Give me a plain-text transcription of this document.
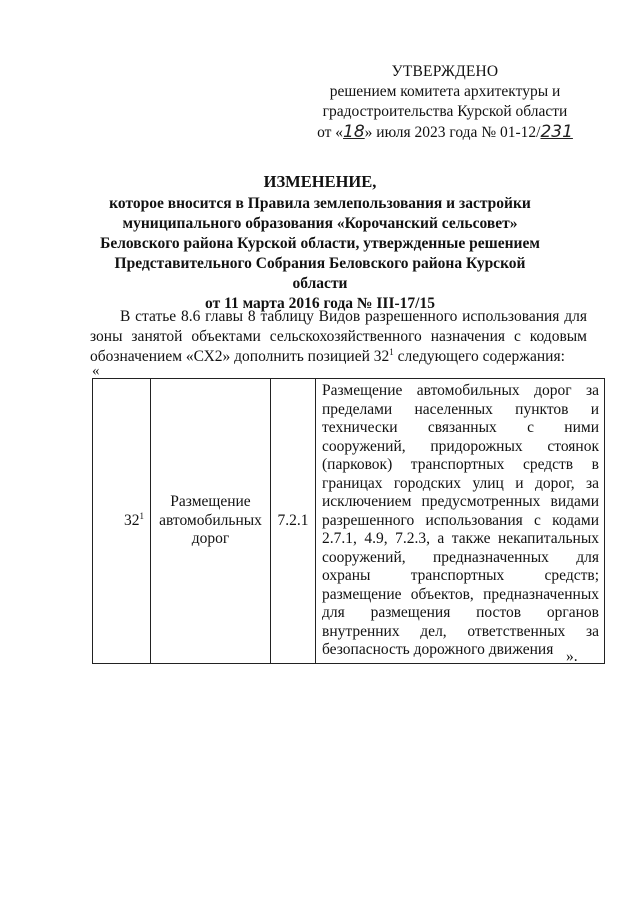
УТВЕРЖДЕНО
решением комитета архитектуры и
градостроительства Курской области
от «18» июля 2023 года № 01-12/231
ИЗМЕНЕНИЕ,
которое вносится в Правила землепользования и застройки
муниципального образования «Корочанский сельсовет»
Беловского района Курской области, утвержденные решением
Представительного Собрания Беловского района Курской области
от 11 марта 2016 года № III-17/15
В статье 8.6 главы 8 таблицу Видов разрешенного использования для зоны занятой объектами сельскохозяйственного назначения с кодовым обозначением «СХ2» дополнить позицией $32^1$ следующего содержания:
«
$32^1$	Размещение автомобильных дорог	7.2.1	Размещение автомобильных дорог за пределами населенных пунктов и технически связанных с ними сооружений, придорожных стоянок (парковок) транспортных средств в границах городских улиц и дорог, за исключением предусмотренных видами разрешенного использования с кодами 2.7.1, 4.9, 7.2.3, а также некапитальных сооружений, предназначенных для охраны транспортных средств; размещение объектов, предназначенных для размещения постов органов внутренних дел, ответственных за безопасность дорожного движения ».
